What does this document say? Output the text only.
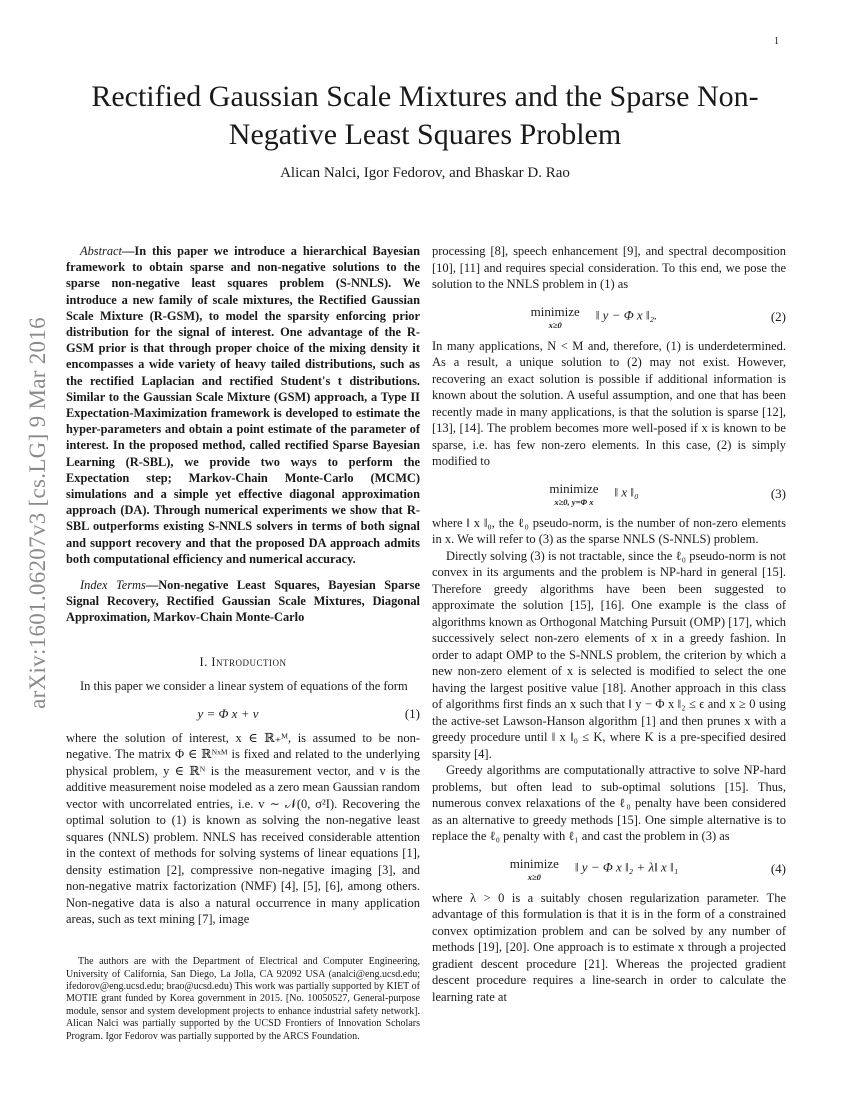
1
arXiv:1601.06207v3 [cs.LG] 9 Mar 2016
Rectified Gaussian Scale Mixtures and the Sparse Non-Negative Least Squares Problem
Alican Nalci, Igor Fedorov, and Bhaskar D. Rao
Abstract—In this paper we introduce a hierarchical Bayesian framework to obtain sparse and non-negative solutions to the sparse non-negative least squares problem (S-NNLS). We introduce a new family of scale mixtures, the Rectified Gaussian Scale Mixture (R-GSM), to model the sparsity enforcing prior distribution for the signal of interest. One advantage of the R-GSM prior is that through proper choice of the mixing density it encompasses a wide variety of heavy tailed distributions, such as the rectified Laplacian and rectified Student's t distributions. Similar to the Gaussian Scale Mixture (GSM) approach, a Type II Expectation-Maximization framework is developed to estimate the hyper-parameters and obtain a point estimate of the parameter of interest. In the proposed method, called rectified Sparse Bayesian Learning (R-SBL), we provide two ways to perform the Expectation step; Markov-Chain Monte-Carlo (MCMC) simulations and a simple yet effective diagonal approximation approach (DA). Through numerical experiments we show that R-SBL outperforms existing S-NNLS solvers in terms of both signal and support recovery and that the proposed DA approach admits both computational efficiency and numerical accuracy.
Index Terms—Non-negative Least Squares, Bayesian Sparse Signal Recovery, Rectified Gaussian Scale Mixtures, Diagonal Approximation, Markov-Chain Monte-Carlo
I. Introduction

In this paper we consider a linear system of equations of the form

y = Φ x + v	(1)

where the solution of interest, x ∈ ℝ₊ᴹ, is assumed to be non-negative. The matrix Φ ∈ ℝᴺˣᴹ is fixed and related to the underlying physical problem, y ∈ ℝᴺ is the measurement vector, and v is the additive measurement noise modeled as a zero mean Gaussian random vector with uncorrelated entries, i.e. v ∼ 𝒩(0, σ²I). Recovering the optimal solution to (1) is known as solving the non-negative least squares (NNLS) problem. NNLS has received considerable attention in the context of methods for solving systems of linear equations [1], density estimation [2], compressive non-negative imaging [3], and non-negative matrix factorization (NMF) [4], [5], [6], among others. Non-negative data is also a natural occurrence in many application areas, such as text mining [7], image

The authors are with the Department of Electrical and Computer Engineering, University of California, San Diego, La Jolla, CA 92092 USA (analci@eng.ucsd.edu; ifedorov@eng.ucsd.edu; brao@ucsd.edu) This work was partially supported by KIET of MOTIE grant funded by Korea government in 2015. [No. 10050527, General-purpose module, sensor and system development projects to enhance industrial safety network]. Alican Nalci was partially supported by the UCSD Frontiers of Innovation Scholars Program. Igor Fedorov was partially supported by the ARCS Foundation.

processing [8], speech enhancement [9], and spectral decomposition [10], [11] and requires special consideration. To this end, we pose the solution to the NNLS problem in (1) as

minimize
x≥0
‖ y − Φ x ‖₂.	(2)

In many applications, N < M and, therefore, (1) is underdetermined. As a result, a unique solution to (2) may not exist. However, recovering an exact solution is possible if additional information is known about the solution. A useful assumption, and one that has been recently made in many applications, is that the solution is sparse [12], [13], [14]. The problem becomes more well-posed if x is known to be sparse, i.e. has few non-zero elements. In this case, (2) is simply modified to

minimize
x≥0, y=Φ x
‖ x ‖₀	(3)

where ‖ x ‖₀, the ℓ₀ pseudo-norm, is the number of non-zero elements in x. We will refer to (3) as the sparse NNLS (S-NNLS) problem.

Directly solving (3) is not tractable, since the ℓ₀ pseudo-norm is not convex in its arguments and the problem is NP-hard in general [15]. Therefore greedy algorithms have been been suggested to approximate the solution [15], [16]. One example is the class of algorithms known as Orthogonal Matching Pursuit (OMP) [17], which successively select non-zero elements of x in a greedy fashion. In order to adapt OMP to the S-NNLS problem, the criterion by which a new non-zero element of x is selected is modified to select the one having the largest positive value [18]. Another approach in this class of algorithms first finds an x such that ‖ y − Φ x ‖₂ ≤ ϵ and x ≥ 0 using the active-set Lawson-Hanson algorithm [1] and then prunes x with a greedy procedure until ‖ x ‖₀ ≤ K, where K is a pre-specified desired sparsity [4].

Greedy algorithms are computationally attractive to solve NP-hard problems, but often lead to sub-optimal solutions [15]. Thus, numerous convex relaxations of the ℓ₀ penalty have been considered as an alternative to greedy methods [15]. One simple alternative is to replace the ℓ₀ penalty with ℓ₁ and cast the problem in (3) as

minimize
x≥0
‖ y − Φ x ‖₂ + λ‖ x ‖₁	(4)

where λ > 0 is a suitably chosen regularization parameter. The advantage of this formulation is that it is in the form of a constrained convex optimization problem and can be solved by any number of methods [19], [20]. One approach is to estimate x through a projected gradient descent procedure [21]. Whereas the projected gradient descent procedure requires a line-search in order to calculate the learning rate at
